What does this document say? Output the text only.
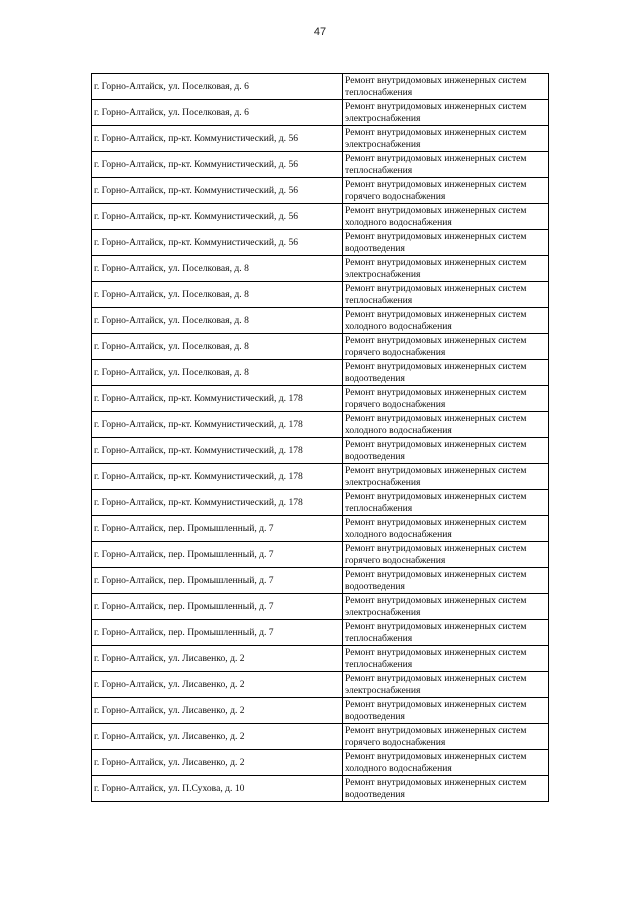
47
г. Горно-Алтайск, ул. Поселковая, д. 6	Ремонт внутридомовых инженерных систем
теплоснабжения

г. Горно-Алтайск, ул. Поселковая, д. 6	Ремонт внутридомовых инженерных систем
электроснабжения

г. Горно-Алтайск, пр-кт. Коммунистический, д. 56	Ремонт внутридомовых инженерных систем
электроснабжения

г. Горно-Алтайск, пр-кт. Коммунистический, д. 56	Ремонт внутридомовых инженерных систем
теплоснабжения

г. Горно-Алтайск, пр-кт. Коммунистический, д. 56	Ремонт внутридомовых инженерных систем
горячего водоснабжения

г. Горно-Алтайск, пр-кт. Коммунистический, д. 56	Ремонт внутридомовых инженерных систем
холодного водоснабжения

г. Горно-Алтайск, пр-кт. Коммунистический, д. 56	Ремонт внутридомовых инженерных систем
водоотведения

г. Горно-Алтайск, ул. Поселковая, д. 8	Ремонт внутридомовых инженерных систем
электроснабжения

г. Горно-Алтайск, ул. Поселковая, д. 8	Ремонт внутридомовых инженерных систем
теплоснабжения

г. Горно-Алтайск, ул. Поселковая, д. 8	Ремонт внутридомовых инженерных систем
холодного водоснабжения

г. Горно-Алтайск, ул. Поселковая, д. 8	Ремонт внутридомовых инженерных систем
горячего водоснабжения

г. Горно-Алтайск, ул. Поселковая, д. 8	Ремонт внутридомовых инженерных систем
водоотведения

г. Горно-Алтайск, пр-кт. Коммунистический, д. 178	Ремонт внутридомовых инженерных систем
горячего водоснабжения

г. Горно-Алтайск, пр-кт. Коммунистический, д. 178	Ремонт внутридомовых инженерных систем
холодного водоснабжения

г. Горно-Алтайск, пр-кт. Коммунистический, д. 178	Ремонт внутридомовых инженерных систем
водоотведения

г. Горно-Алтайск, пр-кт. Коммунистический, д. 178	Ремонт внутридомовых инженерных систем
электроснабжения

г. Горно-Алтайск, пр-кт. Коммунистический, д. 178	Ремонт внутридомовых инженерных систем
теплоснабжения

г. Горно-Алтайск, пер. Промышленный, д. 7	Ремонт внутридомовых инженерных систем
холодного водоснабжения

г. Горно-Алтайск, пер. Промышленный, д. 7	Ремонт внутридомовых инженерных систем
горячего водоснабжения

г. Горно-Алтайск, пер. Промышленный, д. 7	Ремонт внутридомовых инженерных систем
водоотведения

г. Горно-Алтайск, пер. Промышленный, д. 7	Ремонт внутридомовых инженерных систем
электроснабжения

г. Горно-Алтайск, пер. Промышленный, д. 7	Ремонт внутридомовых инженерных систем
теплоснабжения

г. Горно-Алтайск, ул. Лисавенко, д. 2	Ремонт внутридомовых инженерных систем
теплоснабжения

г. Горно-Алтайск, ул. Лисавенко, д. 2	Ремонт внутридомовых инженерных систем
электроснабжения

г. Горно-Алтайск, ул. Лисавенко, д. 2	Ремонт внутридомовых инженерных систем
водоотведения

г. Горно-Алтайск, ул. Лисавенко, д. 2	Ремонт внутридомовых инженерных систем
горячего водоснабжения

г. Горно-Алтайск, ул. Лисавенко, д. 2	Ремонт внутридомовых инженерных систем
холодного водоснабжения

г. Горно-Алтайск, ул. П.Сухова, д. 10	Ремонт внутридомовых инженерных систем
водоотведения
